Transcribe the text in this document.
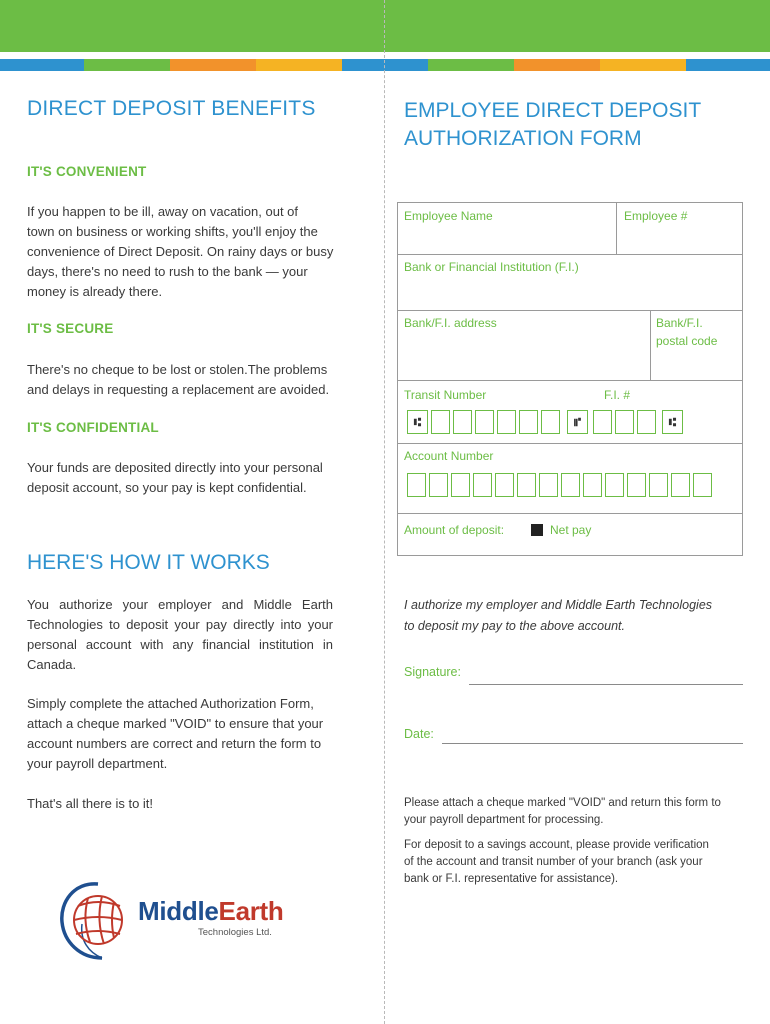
DIRECT DEPOSIT BENEFITS
IT'S CONVENIENT
If you happen to be ill, away on vacation, out of
town on business or working shifts, you'll enjoy the
convenience of Direct Deposit. On rainy days or busy
days, there's no need to rush to the bank — your
money is already there.
IT'S SECURE
There's no cheque to be lost or stolen.The problems
and delays in requesting a replacement are avoided.
IT'S CONFIDENTIAL
Your funds are deposited directly into your personal
deposit account, so your pay is kept confidential.
HERE'S HOW IT WORKS
You authorize your employer and Middle Earth
Technologies to deposit your pay directly into your
personal account with any financial institution in
Canada.
Simply complete the attached Authorization Form,
attach a cheque marked "VOID" to ensure that your
account numbers are correct and return the form to
your payroll department.
That's all there is to it!
MiddleEarth
Technologies Ltd.
EMPLOYEE DIRECT DEPOSIT
AUTHORIZATION FORM
Employee Name	Employee #
Bank or Financial Institution (F.I.)
Bank/F.I. address	Bank/F.I.
postal code
Transit Number	F.I. #
⑆	⑈	⑆
Account Number
Amount of deposit:	Net pay
I authorize my employer and Middle Earth Technologies
to deposit my pay to the above account.
Signature:
Date:
Please attach a cheque marked "VOID" and return this form to
your payroll department for processing.
For deposit to a savings account, please provide verification
of the account and transit number of your branch (ask your
bank or F.I. representative for assistance).
